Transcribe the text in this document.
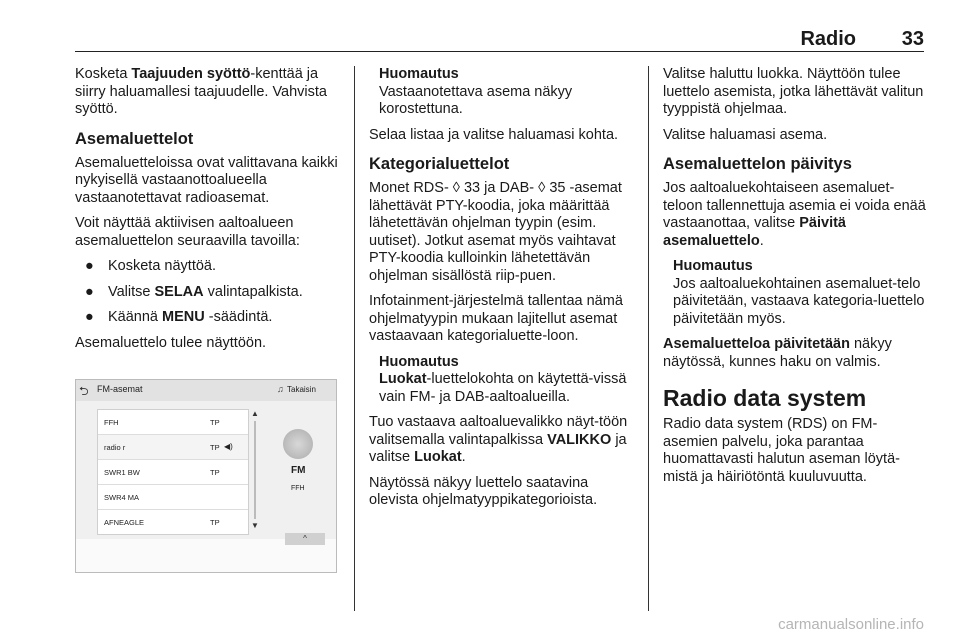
Radio 33

Kosketa Taajuuden syöttö-kenttää ja siirry haluamallesi taajuudelle. Vahvista syöttö.

Asemaluettelot

Asemaluetteloissa ovat valittavana kaikki nykyisellä vastaanottoalueella vastaanotettavat radioasemat.

Voit näyttää aktiivisen aaltoalueen asemaluettelon seuraavilla tavoilla:

● Kosketa näyttöä.
● Valitse SELAA valintapalkista.
● Käännä MENU -säädintä.

Asemaluettelo tulee näyttöön.

⮌ FM-asemat	♫ Takaisin
FFH	TP
radio r	TP ◀)
SWR1 BW	TP
SWR4 MA
AFNEAGLE	TP
▲
▼
FM
FFH
^
Huomautus
Vastaanotettava asema näkyy korostettuna.

Selaa listaa ja valitse haluamasi kohta.

Kategorialuettelot

Monet RDS- ◊ 33 ja DAB- ◊ 35 -asemat lähettävät PTY-koodia, joka määrittää lähetettävän ohjelman tyypin (esim. uutiset). Jotkut asemat myös vaihtavat PTY-koodia kulloinkin lähetettävän ohjelman sisällöstä riip-puen.

Infotainment-järjestelmä tallentaa nämä ohjelmatyypin mukaan lajitellut asemat vastaavaan kategorialuette-loon.

Huomautus
Luokat-luettelokohta on käytettä-vissä vain FM- ja DAB-aaltoalueilla.

Tuo vastaava aaltoaluevalikko näyt-töön valitsemalla valintapalkissa VALIKKO ja valitse Luokat.

Näytössä näkyy luettelo saatavina olevista ohjelmatyyppikategorioista.

Valitse haluttu luokka. Näyttöön tulee luettelo asemista, jotka lähettävät valitun tyyppistä ohjelmaa.

Valitse haluamasi asema.

Asemaluettelon päivitys

Jos aaltoaluekohtaiseen asemaluet-teloon tallennettuja asemia ei voida enää vastaanottaa, valitse Päivitä asemaluettelo.

Huomautus
Jos aaltoaluekohtainen asemaluet-telo päivitetään, vastaava kategoria-luettelo päivitetään myös.

Asemaluetteloa päivitetään näkyy näytössä, kunnes haku on valmis.

Radio data system

Radio data system (RDS) on FM-asemien palvelu, joka parantaa huomattavasti halutun aseman löytä-mistä ja häiriötöntä kuuluvuutta.

carmanualsonline.info
